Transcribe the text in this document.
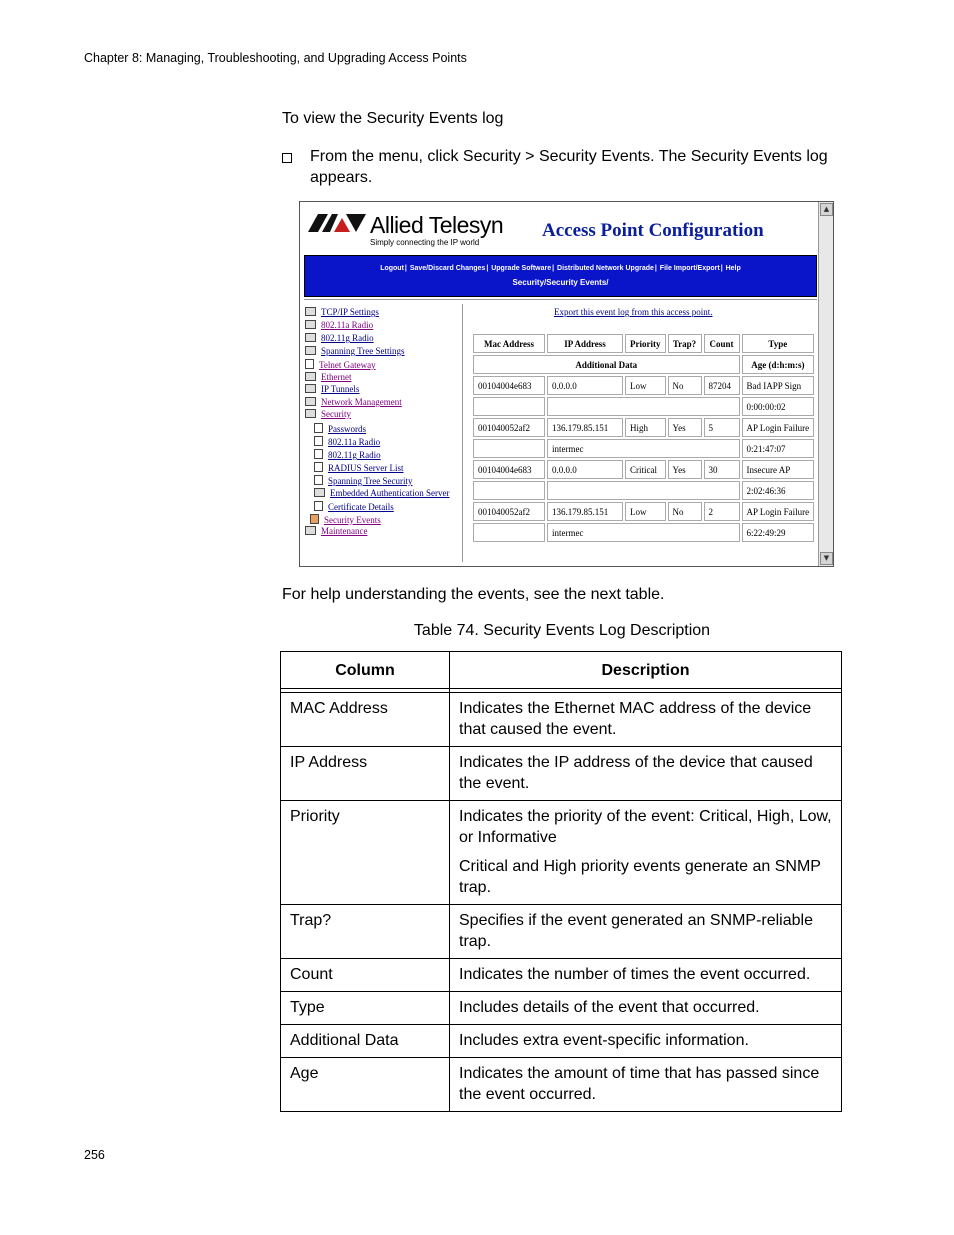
Chapter 8: Managing, Troubleshooting, and Upgrading Access Points
To view the Security Events log
From the menu, click Security > Security Events. The Security Events log appears.
Allied Telesyn
Simply connecting the IP world
Access Point Configuration
Logout| Save/Discard Changes| Upgrade Software| Distributed Network Upgrade| File Import/Export| Help
Security/Security Events/
TCP/IP Settings
802.11a Radio
802.11g Radio
Spanning Tree Settings
Telnet Gateway
Ethernet
IP Tunnels
Network Management
Security
Passwords
802.11a Radio
802.11g Radio
RADIUS Server List
Spanning Tree Security
Embedded Authentication Server
Certificate Details
Security Events
Maintenance
Export this event log from this access point.
Mac Address	IP Address	Priority	Trap?	Count	Type
Additional Data					Age (d:h:m:s)
00104004e683	0.0.0.0	Low	No	87204	Bad IAPP Sign
					0:00:00:02
001040052af2	136.179.85.151	High	Yes	5	AP Login Failure
	intermec				0:21:47:07
00104004e683	0.0.0.0	Critical	Yes	30	Insecure AP
					2:02:46:36
001040052af2	136.179.85.151	Low	No	2	AP Login Failure
	intermec				6:22:49:29
▲
▼
For help understanding the events, see the next table.
Table 74. Security Events Log Description
Column	Description

MAC Address	Indicates the Ethernet MAC address of the device that caused the event.
IP Address	Indicates the IP address of the device that caused the event.
Priority	Indicates the priority of the event: Critical, High, Low, or Informative
Critical and High priority events generate an SNMP trap.

Trap?	Specifies if the event generated an SNMP-reliable trap.
Count	Indicates the number of times the event occurred.
Type	Includes details of the event that occurred.
Additional Data	Includes extra event-specific information.
Age	Indicates the amount of time that has passed since the event occurred.
256
